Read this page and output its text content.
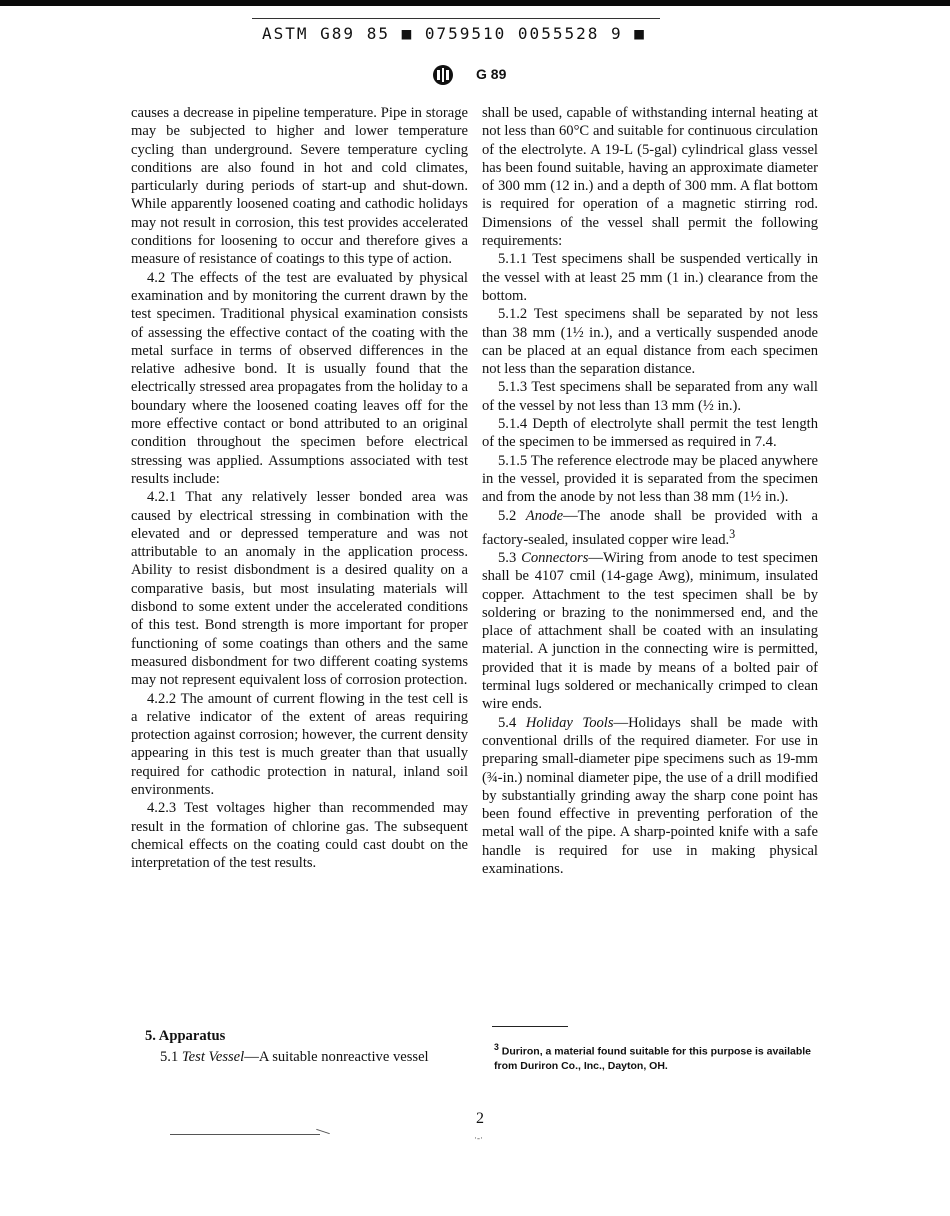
ASTM G89 85 ■ 0759510 0055528 9 ■
G 89

causes a decrease in pipeline temperature. Pipe in storage may be subjected to higher and lower temperature cycling than underground. Severe temperature cycling conditions are also found in hot and cold climates, particularly during periods of start-up and shut-down. While apparently loosened coating and cathodic holidays may not result in corrosion, this test provides accelerated conditions for loosening to occur and therefore gives a measure of resistance of coatings to this type of action.

4.2 The effects of the test are evaluated by physical examination and by monitoring the current drawn by the test specimen. Traditional physical examination consists of assessing the effective contact of the coating with the metal surface in terms of observed differences in the relative adhesive bond. It is usually found that the electrically stressed area propagates from the holiday to a boundary where the loosened coating leaves off for the more effective contact or bond attributed to an original condition throughout the specimen before electrical stressing was applied. Assumptions associated with test results include:

4.2.1 That any relatively lesser bonded area was caused by electrical stressing in combination with the elevated and or depressed temperature and was not attributable to an anomaly in the application process. Ability to resist disbondment is a desired quality on a comparative basis, but most insulating materials will disbond to some extent under the accelerated conditions of this test. Bond strength is more important for proper functioning of some coatings than others and the same measured disbondment for two different coating systems may not represent equivalent loss of corrosion protection.

4.2.2 The amount of current flowing in the test cell is a relative indicator of the extent of areas requiring protection against corrosion; however, the current density appearing in this test is much greater than that usually required for cathodic protection in natural, inland soil environments.

4.2.3 Test voltages higher than recommended may result in the formation of chlorine gas. The subsequent chemical effects on the coating could cast doubt on the interpretation of the test results.

5. Apparatus

5.1 Test Vessel—A suitable nonreactive vessel

shall be used, capable of withstanding internal heating at not less than 60°C and suitable for continuous circulation of the electrolyte. A 19-L (5-gal) cylindrical glass vessel has been found suitable, having an approximate diameter of 300 mm (12 in.) and a depth of 300 mm. A flat bottom is required for operation of a magnetic stirring rod. Dimensions of the vessel shall permit the following requirements:

5.1.1 Test specimens shall be suspended vertically in the vessel with at least 25 mm (1 in.) clearance from the bottom.

5.1.2 Test specimens shall be separated by not less than 38 mm (1½ in.), and a vertically suspended anode can be placed at an equal distance from each specimen not less than the separation distance.

5.1.3 Test specimens shall be separated from any wall of the vessel by not less than 13 mm (½ in.).

5.1.4 Depth of electrolyte shall permit the test length of the specimen to be immersed as required in 7.4.

5.1.5 The reference electrode may be placed anywhere in the vessel, provided it is separated from the specimen and from the anode by not less than 38 mm (1½ in.).

5.2 Anode—The anode shall be provided with a factory-sealed, insulated copper wire lead.$^3$

5.3 Connectors—Wiring from anode to test specimen shall be 4107 cmil (14-gage Awg), minimum, insulated copper. Attachment to the test specimen shall be by soldering or brazing to the nonimmersed end, and the place of attachment shall be coated with an insulating material. A junction in the connecting wire is permitted, provided that it is made by means of a bolted pair of terminal lugs soldered or mechanically crimped to clean wire ends.

5.4 Holiday Tools—Holidays shall be made with conventional drills of the required diameter. For use in preparing small-diameter pipe specimens such as 19-mm (¾-in.) nominal diameter pipe, the use of a drill modified by substantially grinding away the sharp cone point has been found effective in preventing perforation of the metal wall of the pipe. A sharp-pointed knife with a safe handle is required for use in making physical examinations.

$^3$ Duriron, a material found suitable for this purpose is available from Duriron Co., Inc., Dayton, OH.
2
·-·
